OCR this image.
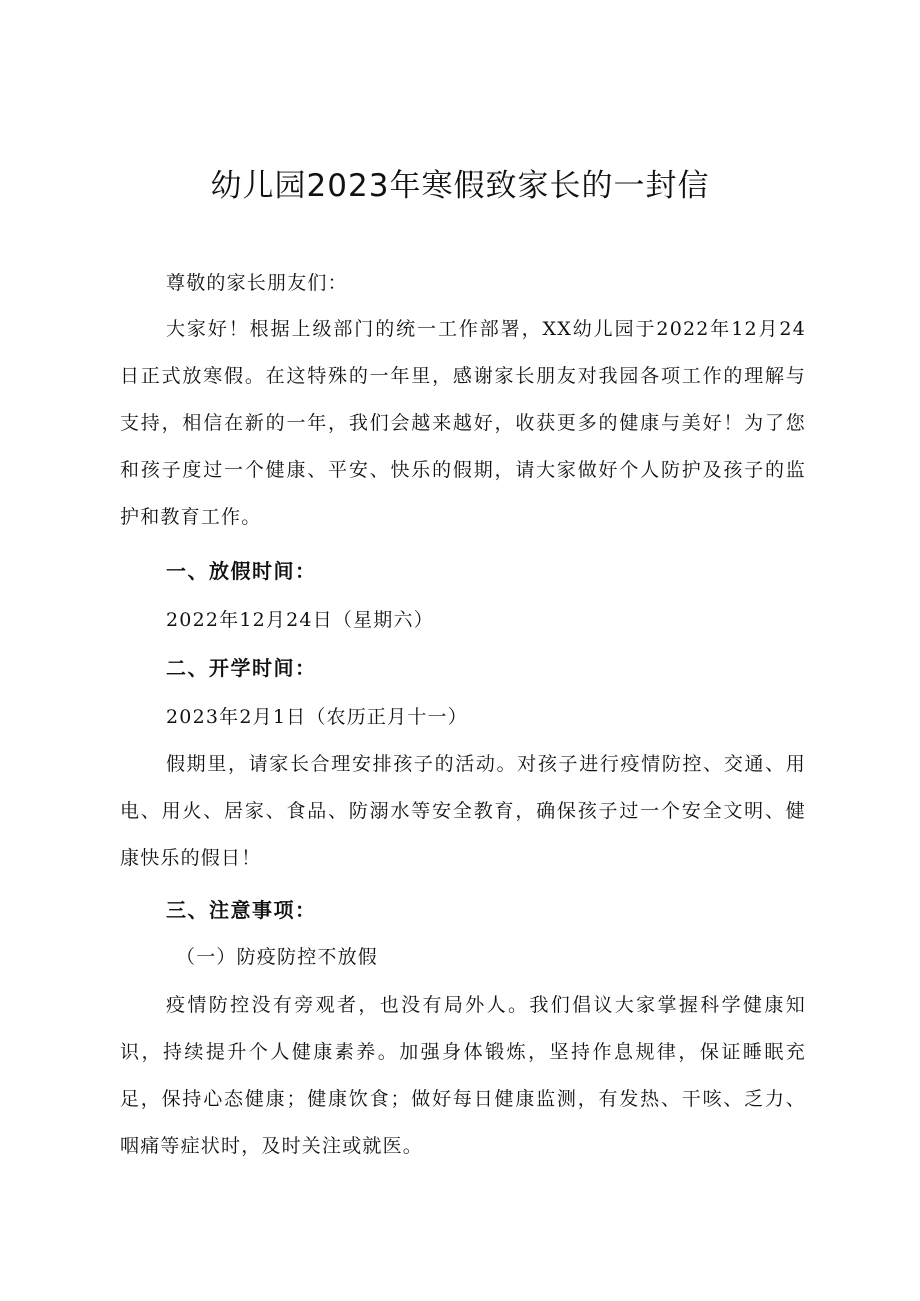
幼儿园2023年寒假致家长的一封信
尊敬的家长朋友们：

大家好！根据上级部门的统一工作部署，XX幼儿园于2022年12月24日正式放寒假。在这特殊的一年里，感谢家长朋友对我园各项工作的理解与支持，相信在新的一年，我们会越来越好，收获更多的健康与美好！为了您和孩子度过一个健康、平安、快乐的假期，请大家做好个人防护及孩子的监护和教育工作。

一、放假时间：
2022年12月24日（星期六）
二、开学时间：
2023年2月1日（农历正月十一）

假期里，请家长合理安排孩子的活动。对孩子进行疫情防控、交通、用电、用火、居家、食品、防溺水等安全教育，确保孩子过一个安全文明、健康快乐的假日！

三、注意事项：
（一）防疫防控不放假

疫情防控没有旁观者，也没有局外人。我们倡议大家掌握科学健康知识，持续提升个人健康素养。加强身体锻炼，坚持作息规律，保证睡眠充足，保持心态健康；健康饮食；做好每日健康监测，有发热、干咳、乏力、咽痛等症状时，及时关注或就医。
